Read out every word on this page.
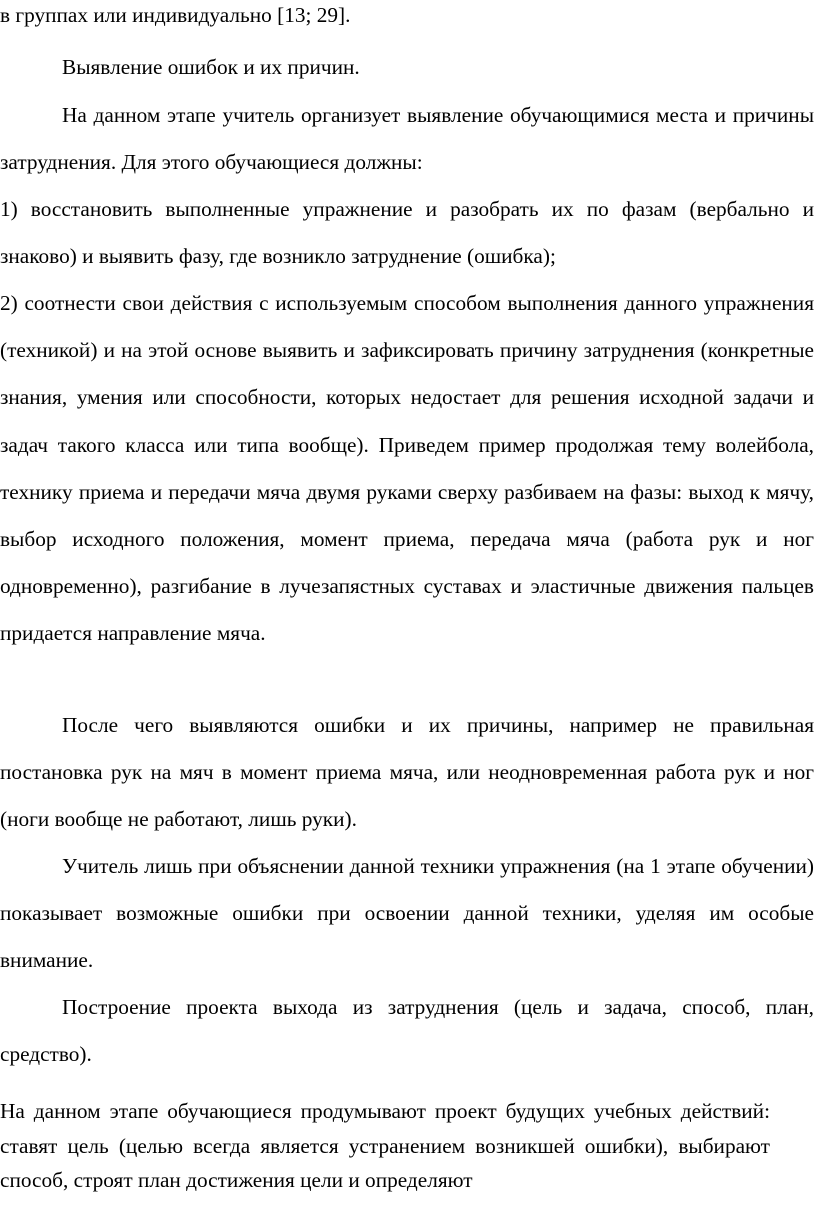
в группах или индивидуально [13; 29].

Выявление ошибок и их причин.

На данном этапе учитель организует выявление обучающимися места и причины затруднения. Для этого обучающиеся должны:

1) восстановить выполненные упражнение и разобрать их по фазам (вербально и знаково) и выявить фазу, где возникло затруднение (ошибка);

2) соотнести свои действия с используемым способом выполнения данного упражнения (техникой) и на этой основе выявить и зафиксировать причину затруднения (конкретные знания, умения или способности, которых недостает для решения исходной задачи и задач такого класса или типа вообще). Приведем пример продолжая тему волейбола, технику приема и передачи мяча двумя руками сверху разбиваем на фазы: выход к мячу, выбор исходного положения, момент приема, передача мяча (работа рук и ног одновременно), разгибание в лучезапястных суставах и эластичные движения пальцев придается направление мяча.

После чего выявляются ошибки и их причины, например не правильная постановка рук на мяч в момент приема мяча, или неодновременная работа рук и ног (ноги вообще не работают, лишь руки).

Учитель лишь при объяснении данной техники упражнения (на 1 этапе обучении) показывает возможные ошибки при освоении данной техники, уделяя им особые внимание.

Построение проекта выхода из затруднения (цель и задача, способ, план, средство).

На данном этапе обучающиеся продумывают проект будущих учебных действий: ставят цель (целью всегда является устранением возникшей ошибки), выбирают способ, строят план достижения цели и определяют
